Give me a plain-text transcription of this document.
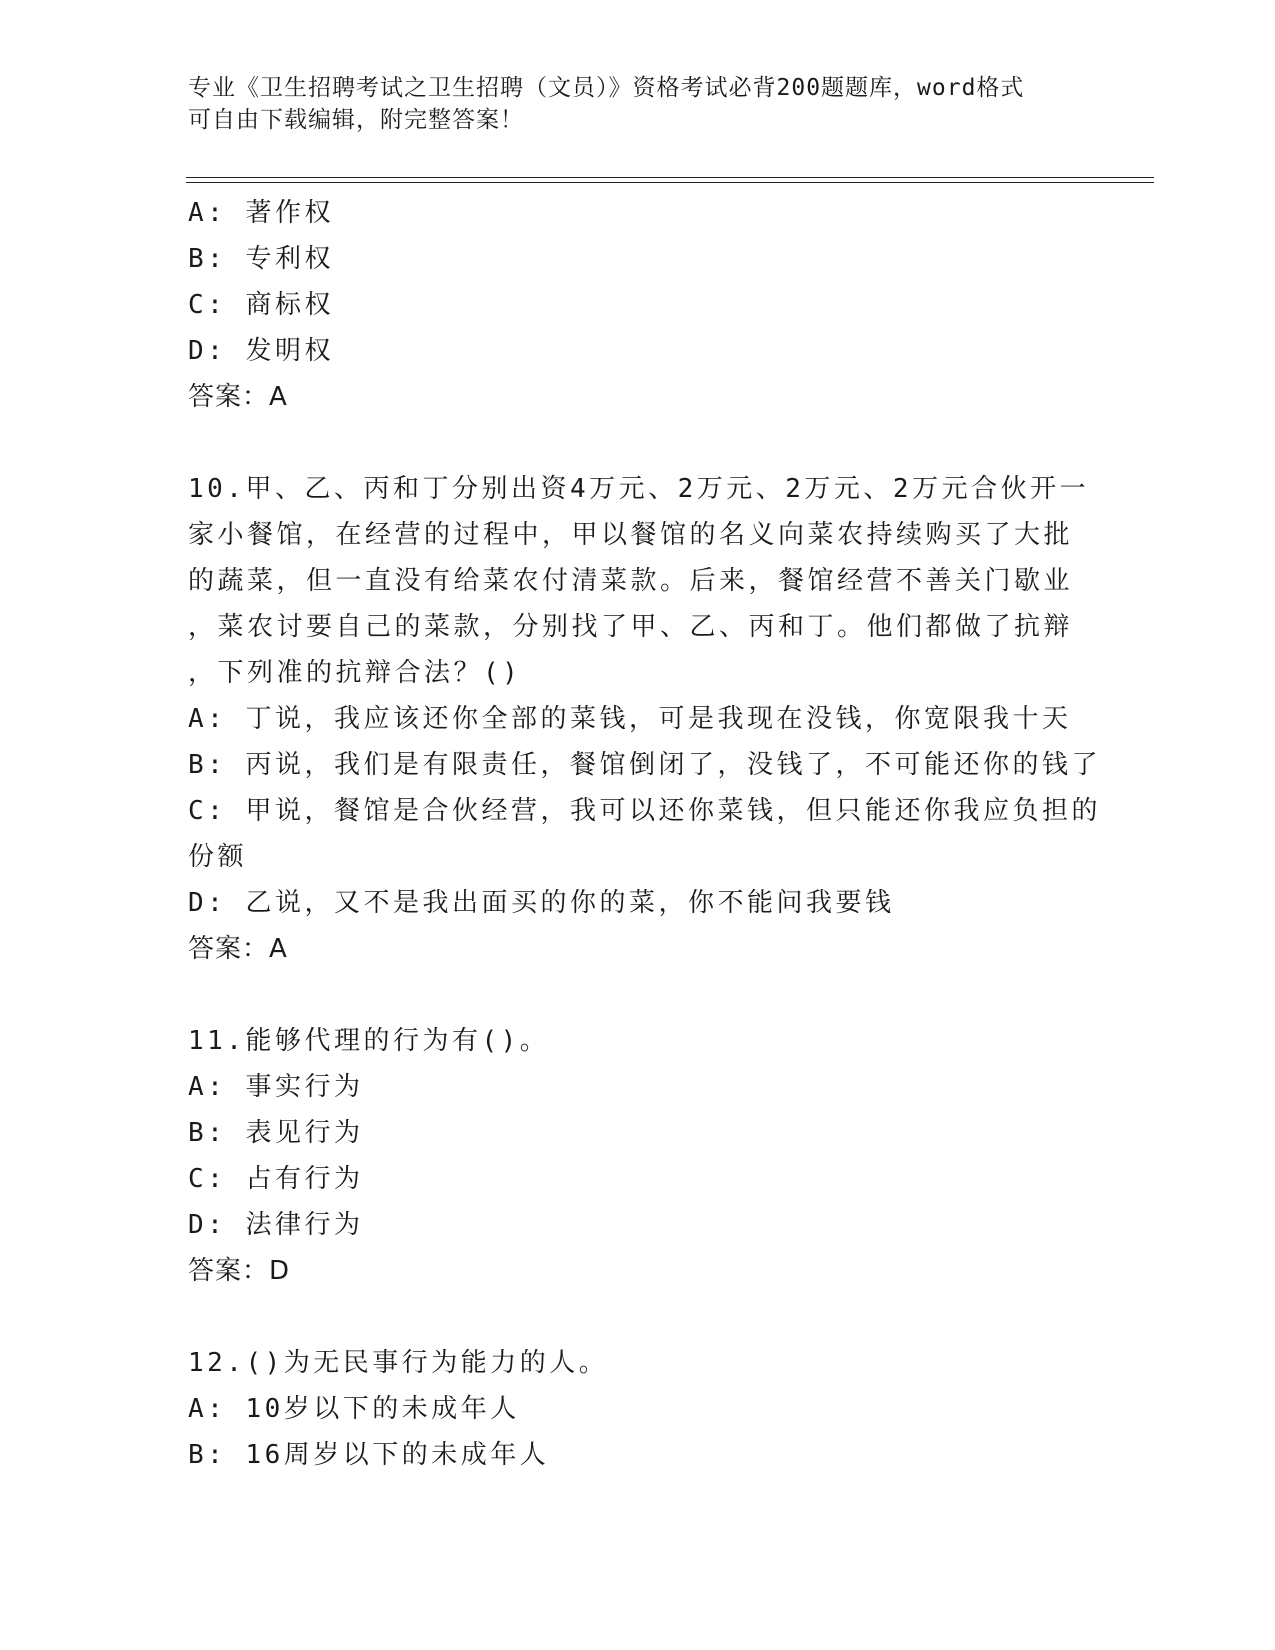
专业《卫生招聘考试之卫生招聘（文员）》资格考试必背200题题库，word格式
可自由下载编辑，附完整答案！
A: 著作权
B: 专利权
C: 商标权
D: 发明权
答案：A
10.甲、乙、丙和丁分别出资4万元、2万元、2万元、2万元合伙开一
家小餐馆，在经营的过程中，甲以餐馆的名义向菜农持续购买了大批
的蔬菜，但一直没有给菜农付清菜款。后来，餐馆经营不善关门歇业
，菜农讨要自己的菜款，分别找了甲、乙、丙和丁。他们都做了抗辩
，下列准的抗辩合法？()
A: 丁说，我应该还你全部的菜钱，可是我现在没钱，你宽限我十天
B: 丙说，我们是有限责任，餐馆倒闭了，没钱了，不可能还你的钱了
C: 甲说，餐馆是合伙经营，我可以还你菜钱，但只能还你我应负担的
份额
D: 乙说，又不是我出面买的你的菜，你不能问我要钱
答案：A
11.能够代理的行为有()。
A: 事实行为
B: 表见行为
C: 占有行为
D: 法律行为
答案：D
12.()为无民事行为能力的人。
A: 10岁以下的未成年人
B: 16周岁以下的未成年人
